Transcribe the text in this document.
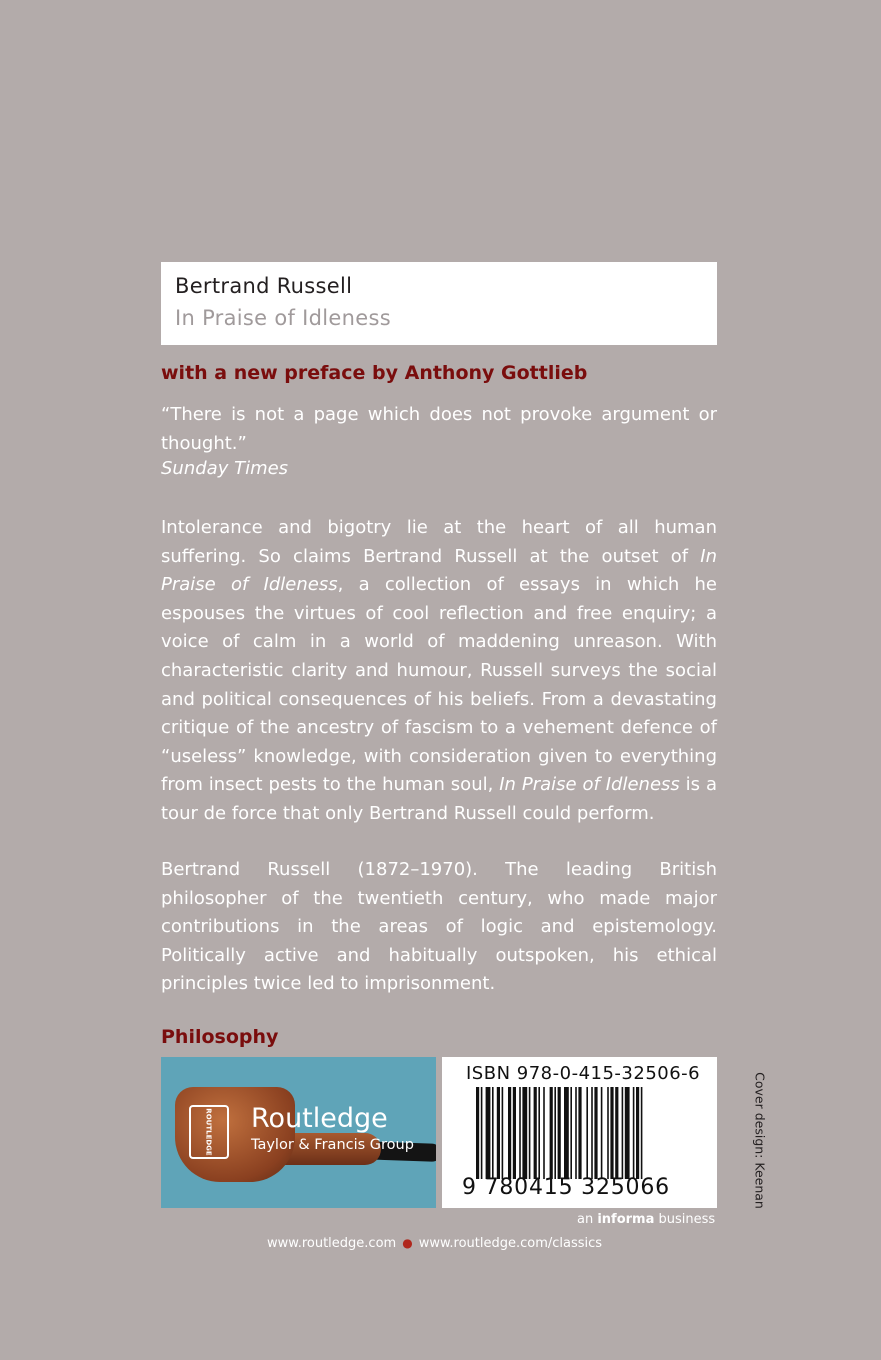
Bertrand Russell
In Praise of Idleness
with a new preface by Anthony Gottlieb
“There is not a page which does not provoke argument or thought.”
Sunday Times
Intolerance and bigotry lie at the heart of all human suffering. So claims Bertrand Russell at the outset of In Praise of Idleness, a collection of essays in which he espouses the virtues of cool reflection and free enquiry; a voice of calm in a world of maddening unreason. With characteristic clarity and humour, Russell surveys the social and political consequences of his beliefs. From a devastating critique of the ancestry of fascism to a vehement defence of “useless” knowledge, with consideration given to everything from insect pests to the human soul, In Praise of Idleness is a tour de force that only Bertrand Russell could perform.
Bertrand Russell (1872–1970). The leading British philosopher of the twentieth century, who made major contributions in the areas of logic and epistemology. Politically active and habitually outspoken, his ethical principles twice led to imprisonment.
Philosophy
ROUTLEDGE Routledge
Taylor & Francis Group
ISBN 978-0-415-32506-6
9 780415 325066	Cover design: Keenan
an informa business
www.routledge.com ● www.routledge.com/classics
